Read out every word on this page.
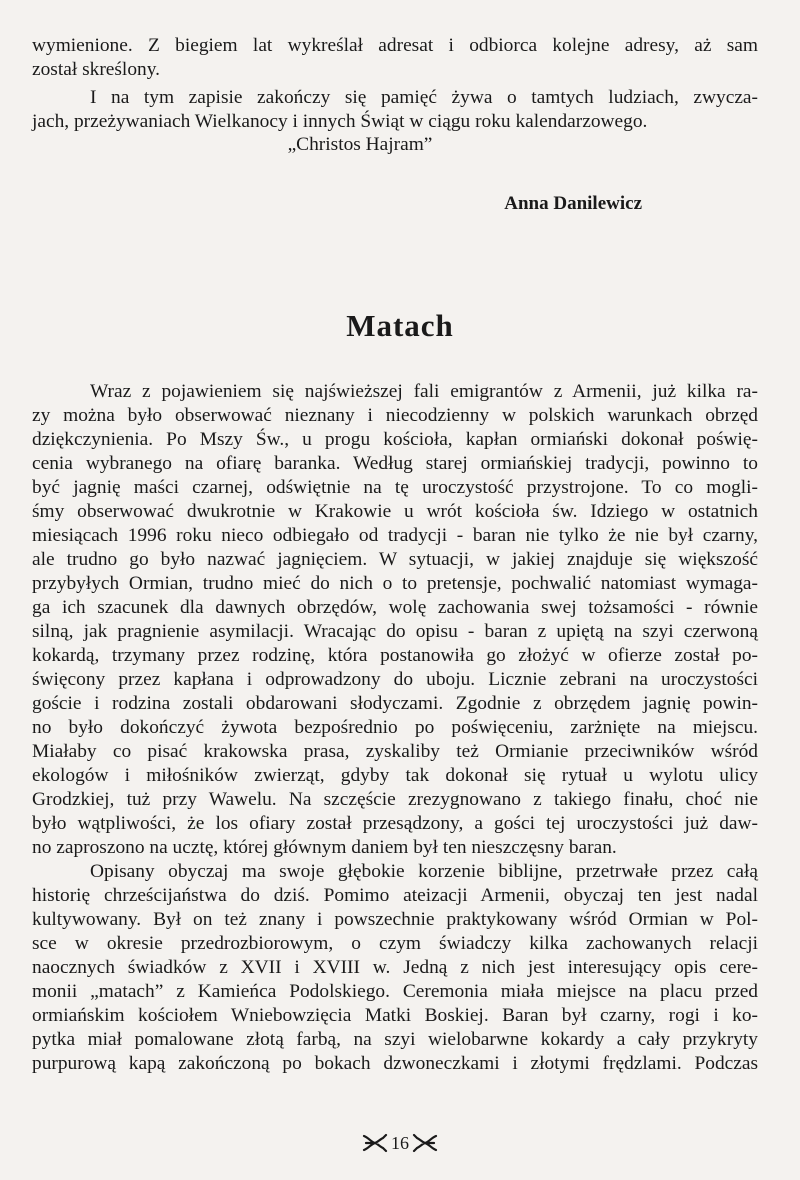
wymienione. Z biegiem lat wykreślał adresat i odbiorca kolejne adresy, aż sam
został skreślony.
I na tym zapisie zakończy się pamięć żywa o tamtych ludziach, zwycza-
jach, przeżywaniach Wielkanocy i innych Świąt w ciągu roku kalendarzowego.
„Christos Hajram”
Anna Danilewicz
Matach
Wraz z pojawieniem się najświeższej fali emigrantów z Armenii, już kilka ra-
zy można było obserwować nieznany i niecodzienny w polskich warunkach obrzęd
dziękczynienia. Po Mszy Św., u progu kościoła, kapłan ormiański dokonał poświę-
cenia wybranego na ofiarę baranka. Według starej ormiańskiej tradycji, powinno to
być jagnię maści czarnej, odświętnie na tę uroczystość przystrojone. To co mogli-
śmy obserwować dwukrotnie w Krakowie u wrót kościoła św. Idziego w ostatnich
miesiącach 1996 roku nieco odbiegało od tradycji - baran nie tylko że nie był czarny,
ale trudno go było nazwać jagnięciem. W sytuacji, w jakiej znajduje się większość
przybyłych Ormian, trudno mieć do nich o to pretensje, pochwalić natomiast wymaga-
ga ich szacunek dla dawnych obrzędów, wolę zachowania swej tożsamości - równie
silną, jak pragnienie asymilacji. Wracając do opisu - baran z upiętą na szyi czerwoną
kokardą, trzymany przez rodzinę, która postanowiła go złożyć w ofierze został po-
święcony przez kapłana i odprowadzony do uboju. Licznie zebrani na uroczystości
goście i rodzina zostali obdarowani słodyczami. Zgodnie z obrzędem jagnię powin-
no było dokończyć żywota bezpośrednio po poświęceniu, zarżnięte na miejscu.
Miałaby co pisać krakowska prasa, zyskaliby też Ormianie przeciwników wśród
ekologów i miłośników zwierząt, gdyby tak dokonał się rytuał u wylotu ulicy
Grodzkiej, tuż przy Wawelu. Na szczęście zrezygnowano z takiego finału, choć nie
było wątpliwości, że los ofiary został przesądzony, a gości tej uroczystości już daw-
no zaproszono na ucztę, której głównym daniem był ten nieszczęsny baran.
Opisany obyczaj ma swoje głębokie korzenie biblijne, przetrwałe przez całą
historię chrześcijaństwa do dziś. Pomimo ateizacji Armenii, obyczaj ten jest nadal
kultywowany. Był on też znany i powszechnie praktykowany wśród Ormian w Pol-
sce w okresie przedrozbiorowym, o czym świadczy kilka zachowanych relacji
naocznych świadków z XVII i XVIII w. Jedną z nich jest interesujący opis cere-
monii „matach” z Kamieńca Podolskiego. Ceremonia miała miejsce na placu przed
ormiańskim kościołem Wniebowzięcia Matki Boskiej. Baran był czarny, rogi i ko-
pytka miał pomalowane złotą farbą, na szyi wielobarwne kokardy a cały przykryty
purpurową kapą zakończoną po bokach dzwoneczkami i złotymi frędzlami. Podczas
16
